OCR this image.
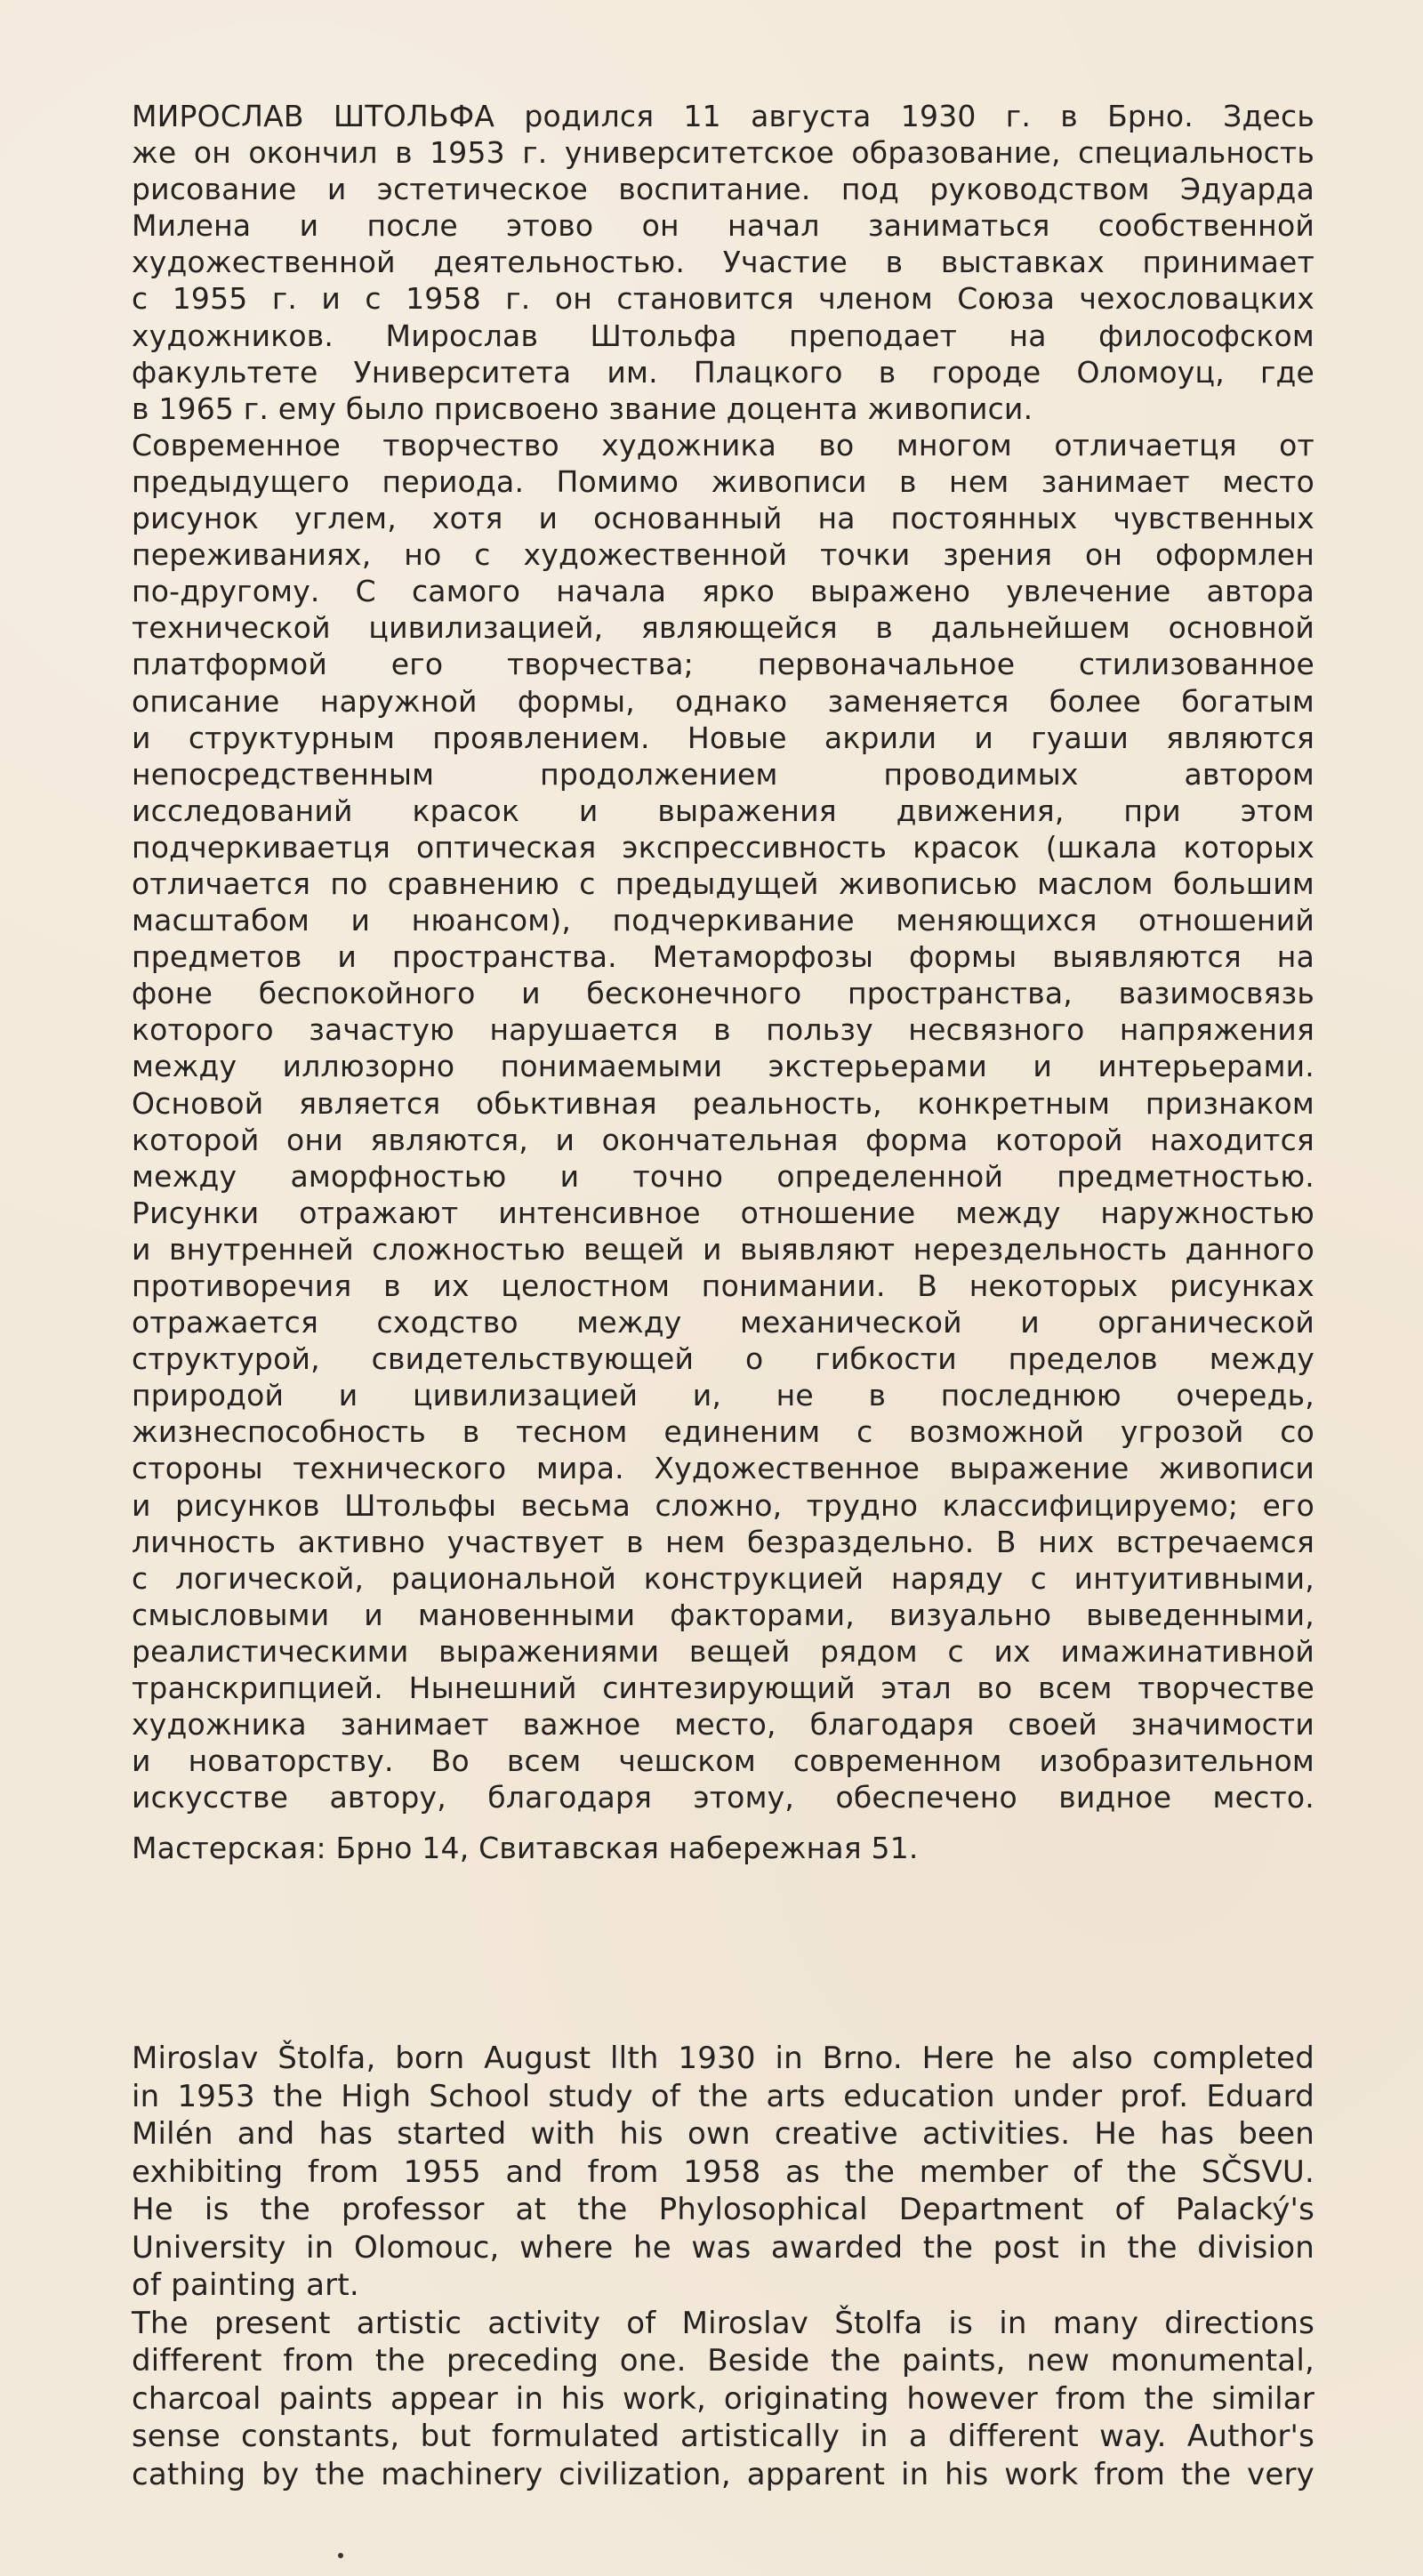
МИРОСЛАВ ШТОЛЬФА родился 11 августа 1930 г. в Брно. Здесь
же он окончил в 1953 г. университетское образование, специальность
рисование и эстетическое воспитание. под руководством Эдуарда
Милена и после этово он начал заниматься сообственной
художественной деятельностью. Участие в выставках принимает
с 1955 г. и с 1958 г. он становится членом Союза чехословацких
художников. Мирослав Штольфа преподает на философском
факультете Университета им. Плацкого в городе Оломоуц, где
в 1965 г. ему было присвоено звание доцента живописи.
Современное творчество художника во многом отличаетця от
предыдущего периода. Помимо живописи в нем занимает место
рисунок углем, хотя и основанный на постоянных чувственных
переживаниях, но с художественной точки зрения он оформлен
по-другому. С самого начала ярко выражено увлечение автора
технической цивилизацией, являющейся в дальнейшем основной
платформой его творчества; первоначальное стилизованное
описание наружной формы, однако заменяется более богатым
и структурным проявлением. Новые акрили и гуаши являются
непосредственным продолжением проводимых автором
исследований красок и выражения движения, при этом
подчеркиваетця оптическая экспрессивность красок (шкала которых
отличается по сравнению с предыдущей живописью маслом большим
масштабом и нюансом), подчеркивание меняющихся отношений
предметов и пространства. Метаморфозы формы выявляются на
фоне беспокойного и бесконечного пространства, вазимосвязь
которого зачастую нарушается в пользу несвязного напряжения
между иллюзорно понимаемыми экстерьерами и интерьерами.
Основой является обьктивная реальность, конкретным признаком
которой они являются, и окончательная форма которой находится
между аморфностью и точно определенной предметностью.
Рисунки отражают интенсивное отношение между наружностью
и внутренней сложностью вещей и выявляют нерездельность данного
противоречия в их целостном понимании. В некоторых рисунках
отражается сходство между механической и органической
структурой, свидетельствующей о гибкости пределов между
природой и цивилизацией и, не в последнюю очередь,
жизнеспособность в тесном единеним с возможной угрозой со
стороны технического мира. Художественное выражение живописи
и рисунков Штольфы весьма сложно, трудно классифицируемо; его
личность активно участвует в нем безраздельно. В них встречаемся
с логической, рациональной конструкцией наряду с интуитивными,
смысловыми и мановенными факторами, визуально выведенными,
реалистическими выражениями вещей рядом с их имажинативной
транскрипцией. Нынешний синтезирующий этал во всем творчестве
художника занимает важное место, благодаря своей значимости
и новаторству. Во всем чешском современном изобразительном
искусстве автору, благодаря этому, обеспечено видное место.
Мастерская: Брно 14, Свитавская набережная 51.
Miroslav Štolfa, born August llth 1930 in Brno. Here he also completed
in 1953 the High School study of the arts education under prof. Eduard
Milén and has started with his own creative activities. He has been
exhibiting from 1955 and from 1958 as the member of the SČSVU.
He is the professor at the Phylosophical Department of Palacký's
University in Olomouc, where he was awarded the post in the division
of painting art.
The present artistic activity of Miroslav Štolfa is in many directions
different from the preceding one. Beside the paints, new monumental,
charcoal paints appear in his work, originating however from the similar
sense constants, but formulated artistically in a different way. Author's
cathing by the machinery civilization, apparent in his work from the very
